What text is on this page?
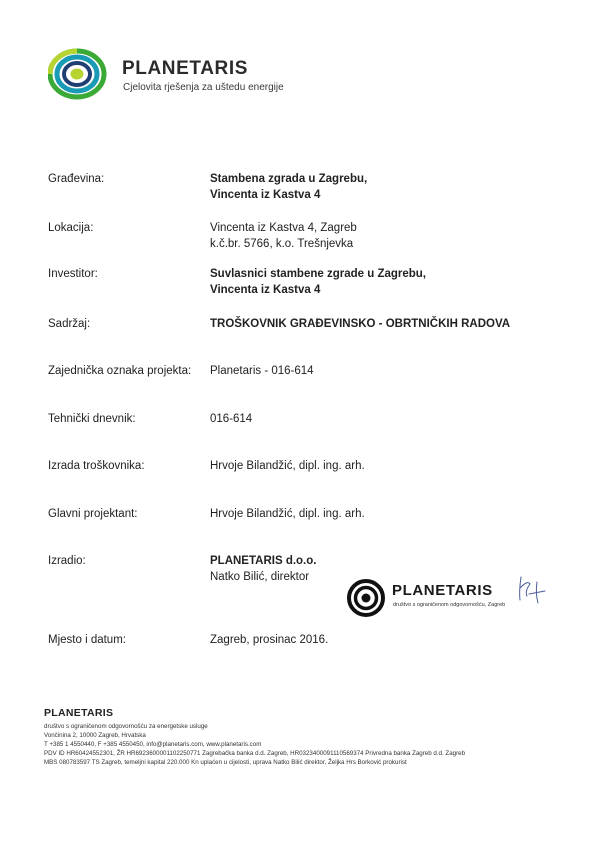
PLANETARIS
Cjelovita rješenja za uštedu energije
Građevina:	Stambena zgrada u Zagrebu,
Vincenta iz Kastva 4
Lokacija:	Vincenta iz Kastva 4, Zagreb
k.č.br. 5766, k.o. Trešnjevka
Investitor:	Suvlasnici stambene zgrade u Zagrebu,
Vincenta iz Kastva 4
Sadržaj:	TROŠKOVNIK GRAĐEVINSKO - OBRTNIČKIH RADOVA
Zajednička oznaka projekta: Planetaris - 016-614
Tehnički dnevnik:	016-614
Izrada troškovnika:	Hrvoje Bilandžić, dipl. ing. arh.
Glavni projektant:	Hrvoje Bilandžić, dipl. ing. arh.
Izradio:	PLANETARIS d.o.o.
Natko Bilić, direktor
Mjesto i datum:	Zagreb, prosinac 2016.
PLANETARIS
društvo s ograničenom odgovornošću, Zagreb
PLANETARIS
društvo s ograničenom odgovornošću za energetske usluge
Vončinina 2, 10000 Zagreb, Hrvatska
T +385 1 4550440, F +385 4550450, info@planetaris.com, www.planetaris.com
PDV ID HR60424552301, ŽR HR6923600001102250771 Zagrebačka banka d.d. Zagreb, HR0323400091110569374 Privredna banka Zagreb d.d. Zagreb
MBS 080783597 TS Zagreb, temeljni kapital 220.000 Kn uplaćen u cijelosti, uprava Natko Bilić direktor, Željka Hrs Borković prokurist
